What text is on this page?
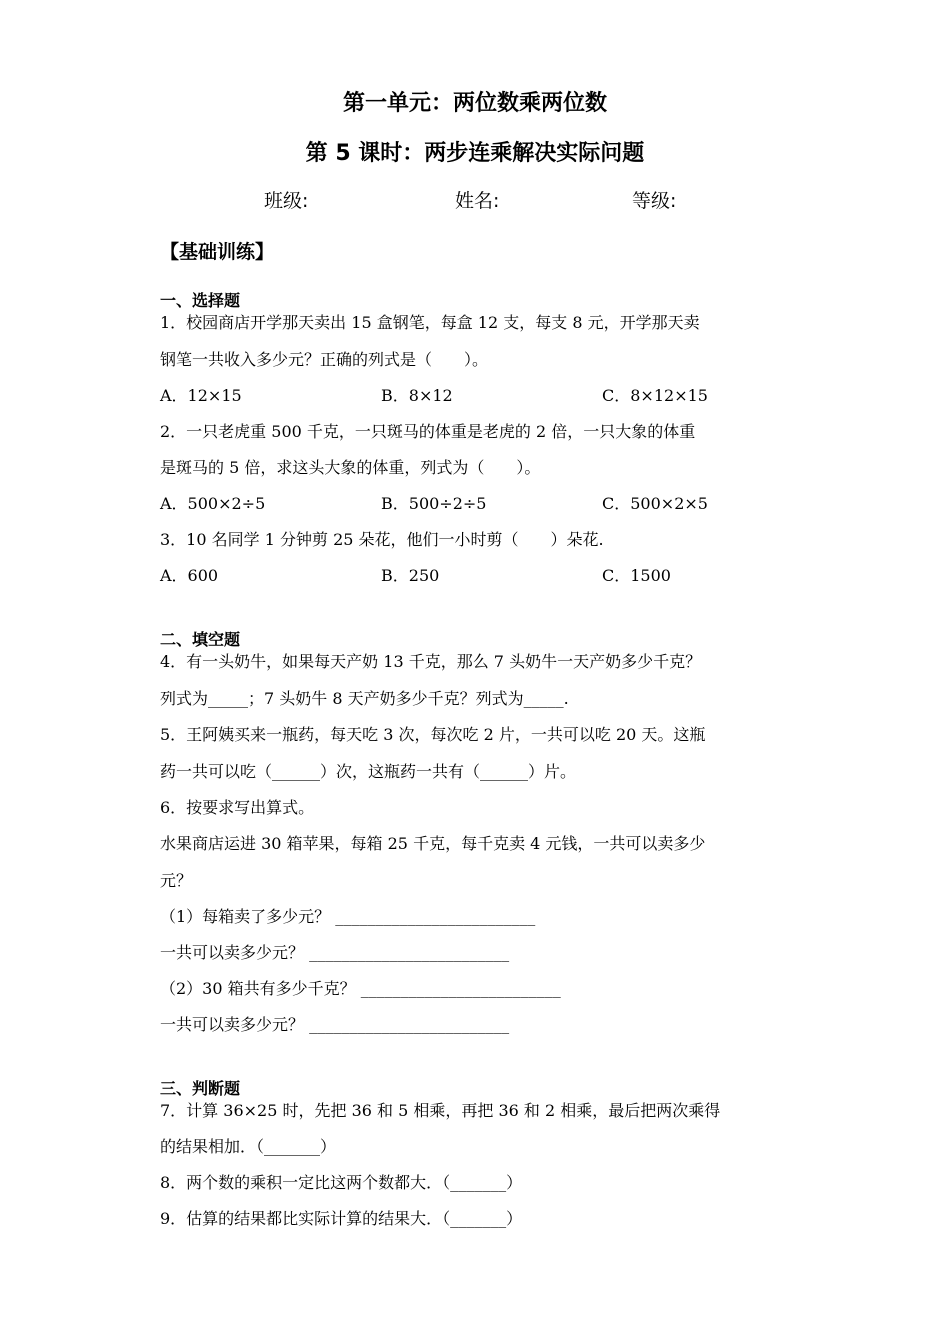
第一单元：两位数乘两位数
第 5 课时：两步连乘解决实际问题
班级:	姓名:	等级:
【基础训练】
一、选择题
1．校园商店开学那天卖出 15 盒钢笔，每盒 12 支，每支 8 元，开学那天卖
钢笔一共收入多少元？正确的列式是（　　）。
A．12×15	B．8×12	C．8×12×15
2．一只老虎重 500 千克，一只斑马的体重是老虎的 2 倍，一只大象的体重
是斑马的 5 倍，求这头大象的体重，列式为（　　）。
A．500×2÷5	B．500÷2÷5	C．500×2×5
3．10 名同学 1 分钟剪 25 朵花，他们一小时剪（　　）朵花.
A．600	B．250	C．1500
二、填空题
4．有一头奶牛，如果每天产奶 13 千克，那么 7 头奶牛一天产奶多少千克？
列式为_____；7 头奶牛 8 天产奶多少千克？列式为_____.
5．王阿姨买来一瓶药，每天吃 3 次，每次吃 2 片，一共可以吃 20 天。这瓶
药一共可以吃（______）次，这瓶药一共有（______）片。
6．按要求写出算式。
水果商店运进 30 箱苹果，每箱 25 千克，每千克卖 4 元钱，一共可以卖多少
元？
（1）每箱卖了多少元？ _________________________
一共可以卖多少元？ _________________________
（2）30 箱共有多少千克？ _________________________
一共可以卖多少元？ _________________________
三、判断题
7．计算 36×25 时，先把 36 和 5 相乘，再把 36 和 2 相乘，最后把两次乘得
的结果相加．（_______）
8．两个数的乘积一定比这两个数都大．（_______）
9．估算的结果都比实际计算的结果大．（_______）
